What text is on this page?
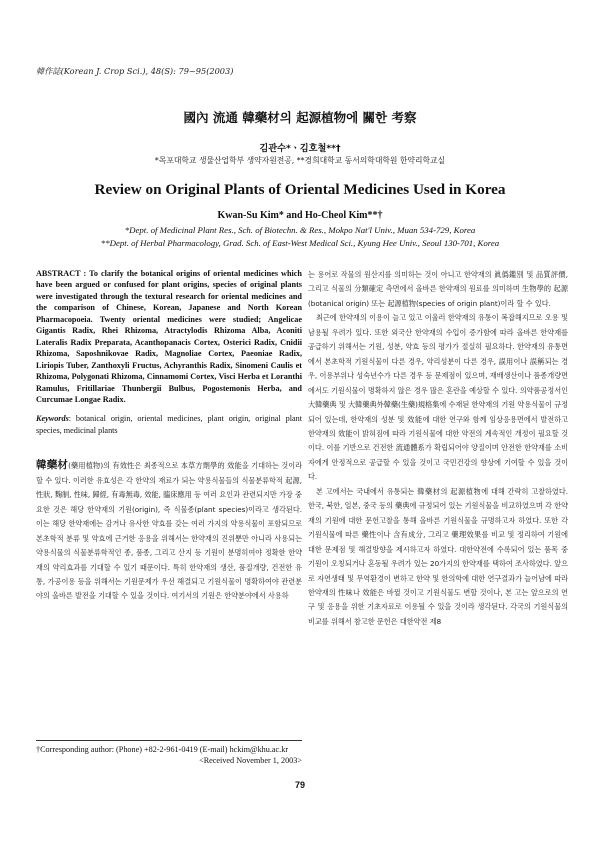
韓作誌(Korean J. Crop Sci.), 48(S): 79~95(2003)
國內 流通 韓藥材의 起源植物에 關한 考察
김관수*ㆍ김호철**†
*목포대학교 생물산업학부 생약자원전공, **경희대학교 동서의학대학원 한약리학교실
Review on Original Plants of Oriental Medicines Used in Korea
Kwan-Su Kim* and Ho-Cheol Kim**†
*Dept. of Medicinal Plant Res., Sch. of Biotechn. & Res., Mokpo Nat'l Univ., Muan 534-729, Korea
**Dept. of Herbal Pharmacology, Grad. Sch. of East-West Medical Sci., Kyung Hee Univ., Seoul 130-701, Korea
ABSTRACT : To clarify the botanical origins of oriental medicines which have been argued or confused for plant origins, species of original plants were investigated through the textural research for oriental medicines and the comparison of Chinese, Korean, Japanese and North Korean Pharmacopoeia. Twenty oriental medicines were studied; Angelicae Gigantis Radix, Rhei Rhizoma, Atractylodis Rhizoma Alba, Aconiti Lateralis Radix Preparata, Acanthopanacis Cortex, Osterici Radix, Cnidii Rhizoma, Saposhnikovae Radix, Magnoliae Cortex, Paeoniae Radix, Liriopis Tuber, Zanthoxyli Fructus, Achyranthis Radix, Sinomeni Caulis et Rhizoma, Polygonati Rhizoma, Cinnamomi Cortex, Visci Herba et Loranthi Ramulus, Fritillariae Thunbergii Bulbus, Pogostemonis Herba, and Curcumae Longae Radix.
Keywords: botanical origin, oriental medicines, plant origin, original plant species, medicinal plants

韓藥材(藥用植物)의 有效性은 최종적으로 本草方劑學的 效能을 기대하는 것이라 할 수 있다. 이러한 유효성은 각 한약의 재료가 되는 약용식물들의 식물분류학적 起源, 性狀, 麴制, 性味, 歸經, 有毒無毒, 效能, 臨床應用 등 여러 요인과 관련되지만 가장 중요한 것은 해당 한약재의 기원(origin), 즉 식물종(plant species)이라고 생각된다. 이는 해당 한약재에는 감거나 유사한 약효를 갖는 여러 가지의 약용식물이 포함되므로 본초학적 분류 및 약효에 근거한 응용을 위해서는 한약재의 진위뿐만 아니라 사용되는 약용식물의 식물분류학적인 종, 품종, 그리고 산지 등 기원이 분명히여야 정확한 한약재의 약리효과를 기대할 수 있기 때문이다. 특히 한약재의 생산, 품질개량, 건전한 유통, 가공이용 등을 위해서는 기원문제가 우선 해결되고 기원식물이 명확하여야 관련분야의 올바른 발전을 기대할 수 있을 것이다. 여기서의 기원은 한약분야에서 사용하

는 용어로 작물의 원산지를 의미하는 것이 아니고 한약재의 眞僞鑑別 및 品質評價, 그리고 식물의 分類確定 측면에서 올바른 한약재의 원료를 의미하며 生物學的 起源(botanical origin) 또는 起源植物(species of origin plant)이라 할 수 있다.

최근에 한약재의 이용이 늘고 있고 이울러 한약재의 유통이 복잡해지므로 오용 및 남용될 우려가 있다. 또한 외국산 한약재의 수입이 증가함에 따라 올바른 한약재를 공급하기 위해서는 기원, 성분, 약효 등의 평가가 절실히 필요하다. 한약재의 유통면에서 본초학적 기원식물이 다른 경우, 약리성분이 다른 경우, 誤用이나 誤稱되는 경우, 이용부위나 성숙년수가 다른 경우 등 문제점이 있으며, 재배생산이나 품종개량면에서도 기원식물이 명확하지 않은 경우 많은 혼란을 예상할 수 있다. 의약품공정서인 大韓藥典 및 大韓藥典外韓藥(生藥)規格集에 수재된 한약재의 기원 약용식물이 규정되어 있는데, 한약재의 성분 및 效能에 대한 연구와 함께 임상응용면에서 발전하고 한약재의 效能이 밝혀짐에 따라 기원식물에 대한 약전의 계속적인 개정이 필요할 것이다. 이를 기반으로 건전한 流通體系가 확립되어야 양질이며 안전한 한약재를 소비자에게 안정적으로 공급할 수 있을 것이고 국민건강의 향상에 기여할 수 있을 것이다.

본 고에서는 국내에서 유통되는 韓藥材의 起源植物에 대해 간략히 고찰하였다. 한국, 북한, 일본, 중국 등의 藥典에 규정되어 있는 기원식물을 비교하였으며 각 한약재의 기원에 대한 문헌고찰을 통해 올바른 기원식물을 규명하고자 하였다. 또한 각 기원식물에 따른 藥性이나 含有成分, 그리고 藥理效果를 비교 및 정리하여 기원에 대한 문제점 및 해결방향을 제시하고자 하였다. 대한약전에 수록되어 있는 품목 중 기원이 오칭되거나 혼동될 우려가 있는 20가지의 한약재를 택하여 조사하였다. 앞으로 자연생태 및 무역환경이 변하고 한약 및 한의학에 대한 연구결과가 늘어남에 따라 한약재의 性味나 效能은 바뀔 것이고 기원식물도 변할 것이나, 본 고는 앞으로의 연구 및 응용을 위한 기초자료로 이용될 수 있을 것이라 생각된다. 각국의 기원식물의 비교를 위해서 참고한 문헌은 대한약전 제8

†Corresponding author: (Phone) +82-2-961-0419 (E-mail) hckim@khu.ac.kr
<Received November 1, 2003>
79
